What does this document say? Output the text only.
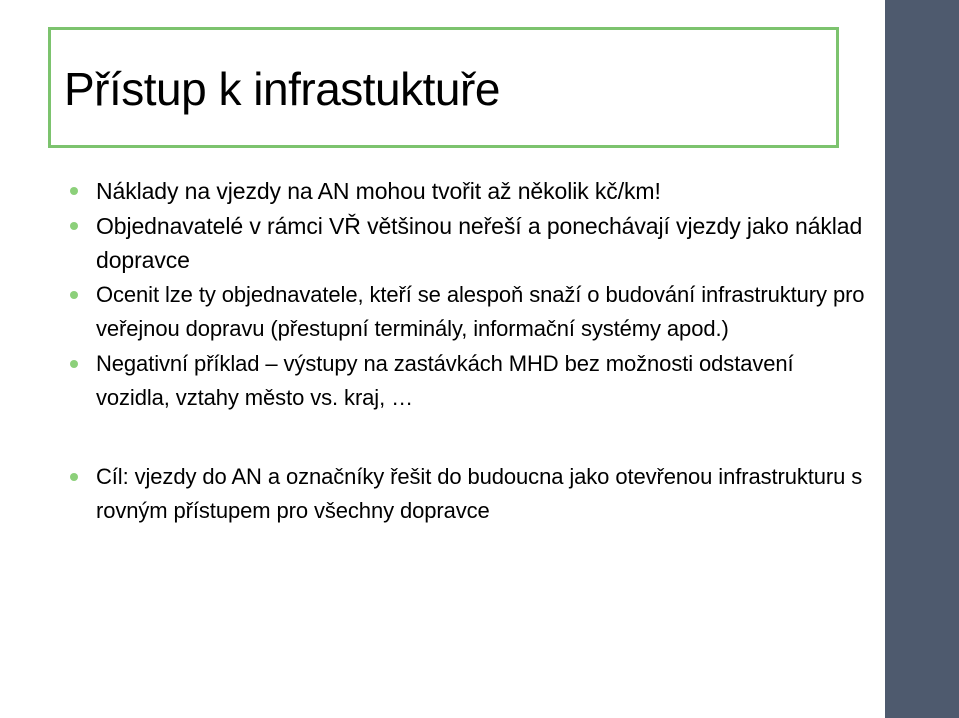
Přístup k infrastuktuře
Náklady na vjezdy na AN mohou tvořit až několik kč/km!
Objednavatelé v rámci VŘ většinou neřeší a ponechávají vjezdy jako náklad dopravce
Ocenit lze ty objednavatele, kteří se alespoň snaží o budování infrastruktury pro veřejnou dopravu (přestupní terminály, informační systémy apod.)
Negativní příklad – výstupy na zastávkách MHD bez možnosti odstavení vozidla, vztahy město vs. kraj, …
Cíl: vjezdy do AN a označníky řešit do budoucna jako otevřenou infrastrukturu s rovným přístupem pro všechny dopravce
